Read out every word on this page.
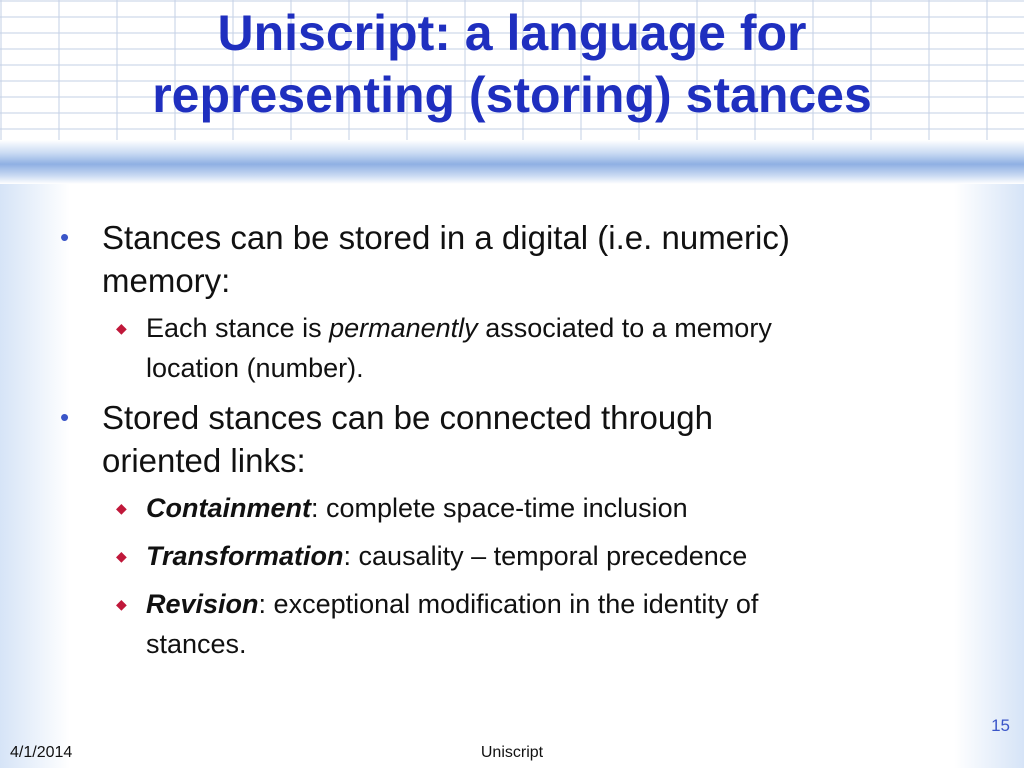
Uniscript: a language for
representing (storing) stances
• Stances can be stored in a digital (i.e. numeric)
memory:
◆ Each stance is permanently associated to a memory
location (number).
• Stored stances can be connected through
oriented links:
◆ Containment: complete space-time inclusion
◆ Transformation: causality – temporal precedence
◆ Revision: exceptional modification in the identity of
stances.
15
4/1/2014	Uniscript
